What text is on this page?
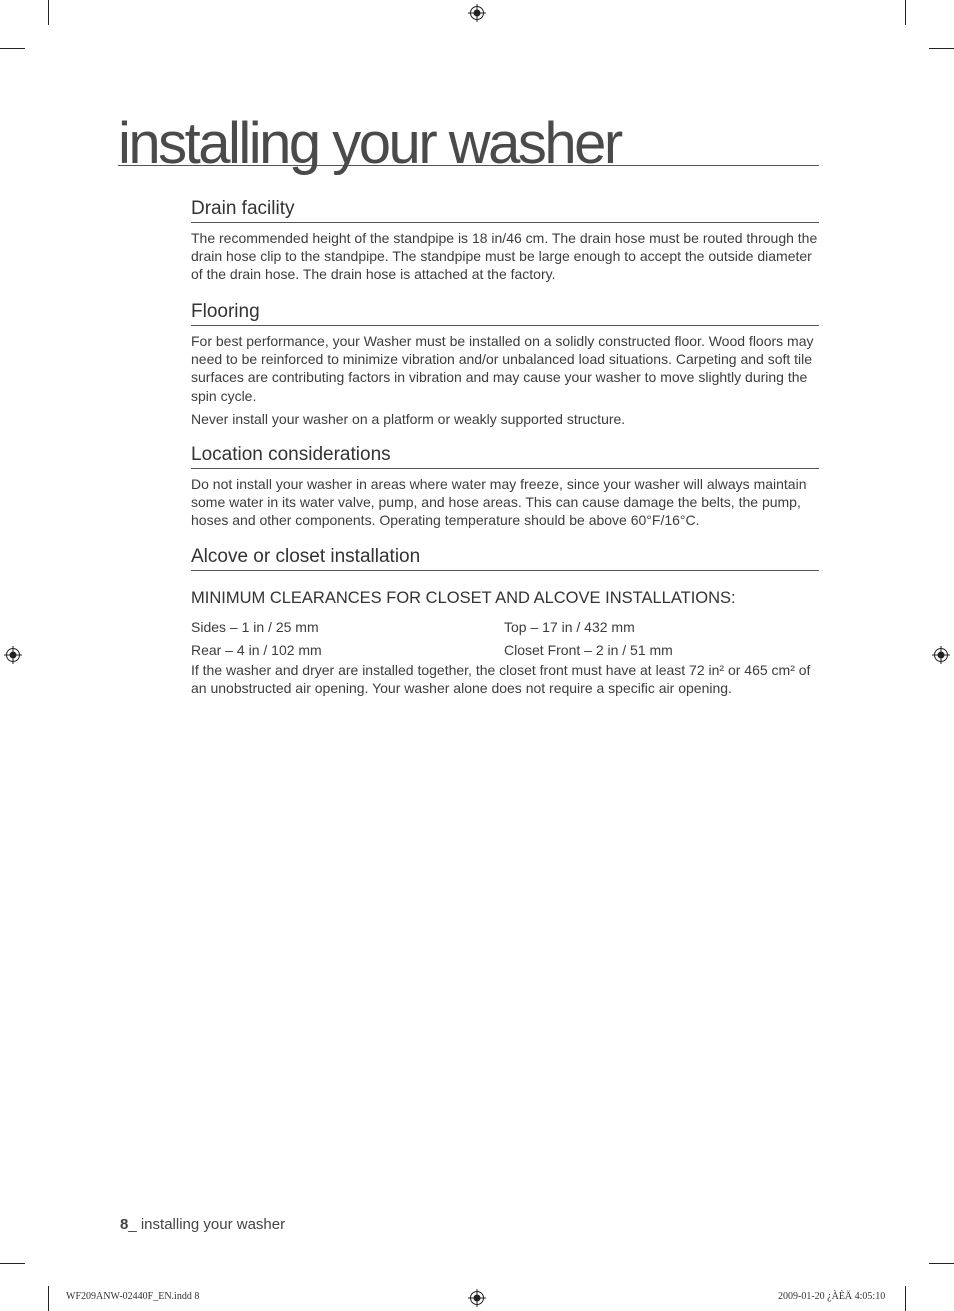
installing your washer
Drain facility

The recommended height of the standpipe is 18 in/46 cm. The drain hose must be routed through the drain hose clip to the standpipe. The standpipe must be large enough to accept the outside diameter of the drain hose. The drain hose is attached at the factory.

Flooring

For best performance, your Washer must be installed on a solidly constructed floor. Wood floors may need to be reinforced to minimize vibration and/or unbalanced load situations. Carpeting and soft tile surfaces are contributing factors in vibration and may cause your washer to move slightly during the spin cycle.

Never install your washer on a platform or weakly supported structure.

Location considerations

Do not install your washer in areas where water may freeze, since your washer will always maintain some water in its water valve, pump, and hose areas. This can cause damage the belts, the pump, hoses and other components. Operating temperature should be above 60°F/16°C.

Alcove or closet installation
MINIMUM CLEARANCES FOR CLOSET AND ALCOVE INSTALLATIONS:
Sides – 1 in / 25 mm	Top – 17 in / 432 mm
Rear – 4 in / 102 mm	Closet Front – 2 in / 51 mm

If the washer and dryer are installed together, the closet front must have at least 72 in² or 465 cm² of an unobstructed air opening. Your washer alone does not require a specific air opening.

8_ installing your washer
WF209ANW-02440F_EN.indd 8	2009-01-20 ¿ÀÈÄ 4:05:10
